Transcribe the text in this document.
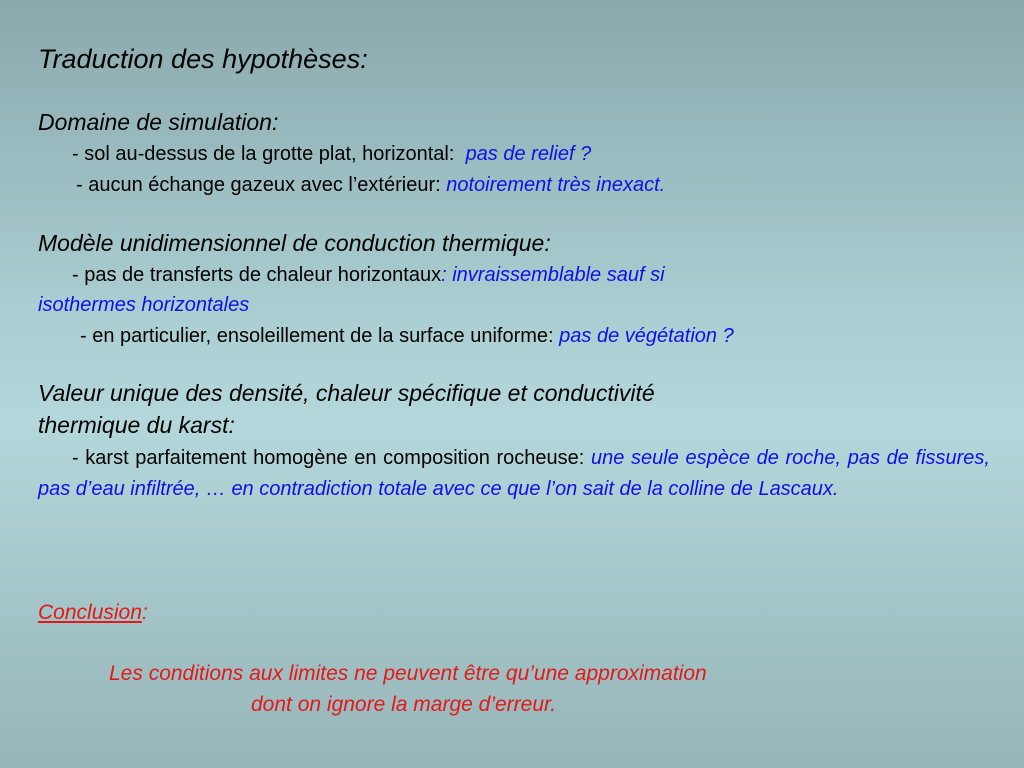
Traduction des hypothèses:
Domaine de simulation:
- sol au-dessus de la grotte plat, horizontal: pas de relief ?
- aucun échange gazeux avec l’extérieur: notoirement très inexact.
Modèle unidimensionnel de conduction thermique:
- pas de transferts de chaleur horizontaux: invraissemblable sauf si
isothermes horizontales
- en particulier, ensoleillement de la surface uniforme: pas de végétation ?
Valeur unique des densité, chaleur spécifique et conductivité
thermique du karst:
- karst parfaitement homogène en composition rocheuse: une seule espèce de roche, pas de fissures, pas d’eau infiltrée, … en contradiction totale avec ce que l’on sait de la colline de Lascaux.
Conclusion:
Les conditions aux limites ne peuvent être qu’une approximation
dont on ignore la marge d’erreur.
